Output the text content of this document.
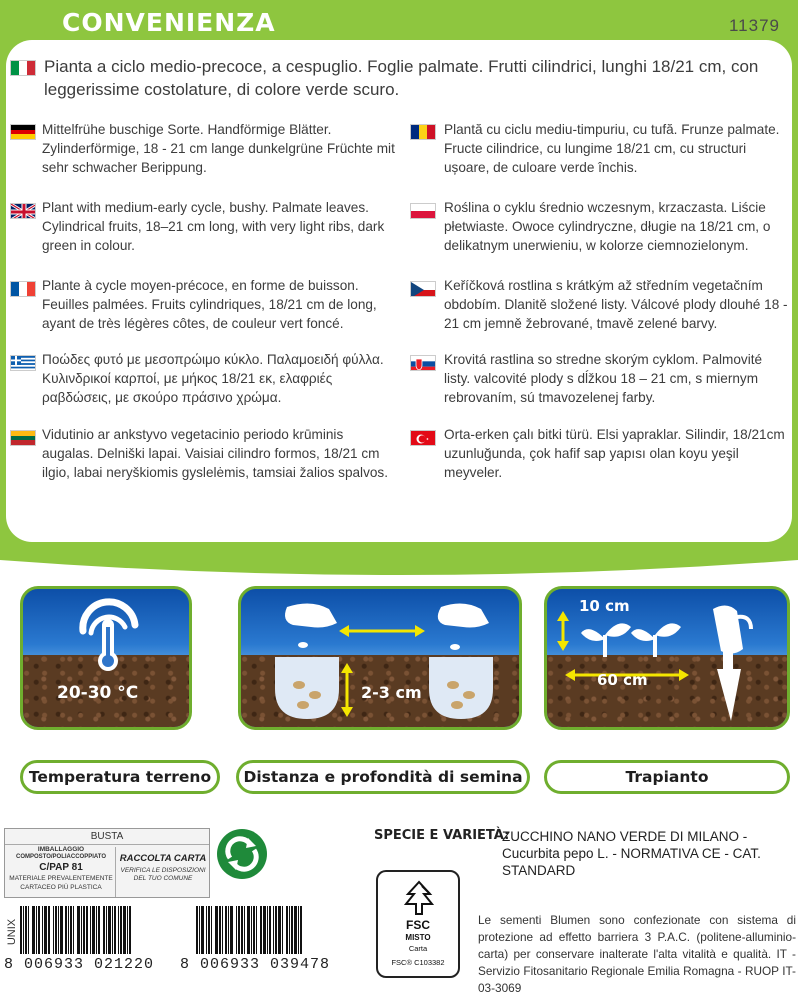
CONVENIENZA	11379
Pianta a ciclo medio-precoce, a cespuglio. Foglie palmate. Frutti cilindrici, lunghi 18/21 cm, con leggerissime costolature, di colore verde scuro.
Mittelfrühe buschige Sorte. Handförmige Blätter. Zylinderförmige, 18 - 21 cm lange dunkelgrüne Früchte mit sehr schwacher Berippung.
Plant with medium-early cycle, bushy. Palmate leaves. Cylindrical fruits, 18–21 cm long, with very light ribs, dark green in colour.
Plante à cycle moyen-précoce, en forme de buisson. Feuilles palmées. Fruits cylindriques, 18/21 cm de long, ayant de très légères côtes, de couleur vert foncé.
Ποώδες φυτό με μεσοπρώιμο κύκλο. Παλαμοειδή φύλλα. Κυλινδρικοί καρποί, με μήκος 18/21 εκ, ελαφριές ραβδώσεις, με σκούρο πράσινο χρώμα.
Vidutinio ar ankstyvo vegetacinio periodo krūminis augalas. Delniški lapai. Vaisiai cilindro formos, 18/21 cm ilgio, labai neryškiomis gyslelėmis, tamsiai žalios spalvos.
Plantă cu ciclu mediu-timpuriu, cu tufă. Frunze palmate. Fructe cilindrice, cu lungime 18/21 cm, cu structuri ușoare, de culoare verde închis.
Roślina o cyklu średnio wczesnym, krzaczasta. Liście płetwiaste. Owoce cylindryczne, długie na 18/21 cm, o delikatnym unerwieniu, w kolorze ciemnozielonym.
Keříčková rostlina s krátkým až středním vegetačním obdobím. Dlanitě složené listy. Válcové plody dlouhé 18 - 21 cm jemně žebrované, tmavě zelené barvy.
Krovitá rastlina so stredne skorým cyklom. Palmovité listy. valcovité plody s dĺžkou 18 – 21 cm, s miernym rebrovaním, sú tmavozelenej farby.
Orta-erken çalı bitki türü. Elsi yapraklar. Silindir, 18/21cm uzunluğunda, çok hafif sap yapısı olan koyu yeşil meyveler.
20-30 °C	2-3 cm
10 cm
60 cm
Temperatura terreno	Distanza e profondità di semina	Trapianto
BUSTA
IMBALLAGGIO
COMPOSTO/POLIACCOPPIATO
C/PAP 81
MATERIALE PREVALENTEMENTE
CARTACEO PIÙ PLASTICA
RACCOLTA CARTA
VERIFICA LE DISPOSIZIONI
DEL TUO COMUNE
UNIX
8 006933 021220 8 006933 039478
FSC
MISTO
Carta
FSC® C103382
SPECIE E VARIETÀ:
ZUCCHINO NANO VERDE DI MILANO - Cucurbita pepo L. - NORMATIVA CE - CAT. STANDARD
Le sementi Blumen sono confezionate con sistema di protezione ad effetto barriera 3 P.A.C. (politene-alluminio-carta) per conservare inalterate l'alta vitalità e qualità. IT - Servizio Fitosanitario Regionale Emilia Romagna - RUOP IT-03-3069
